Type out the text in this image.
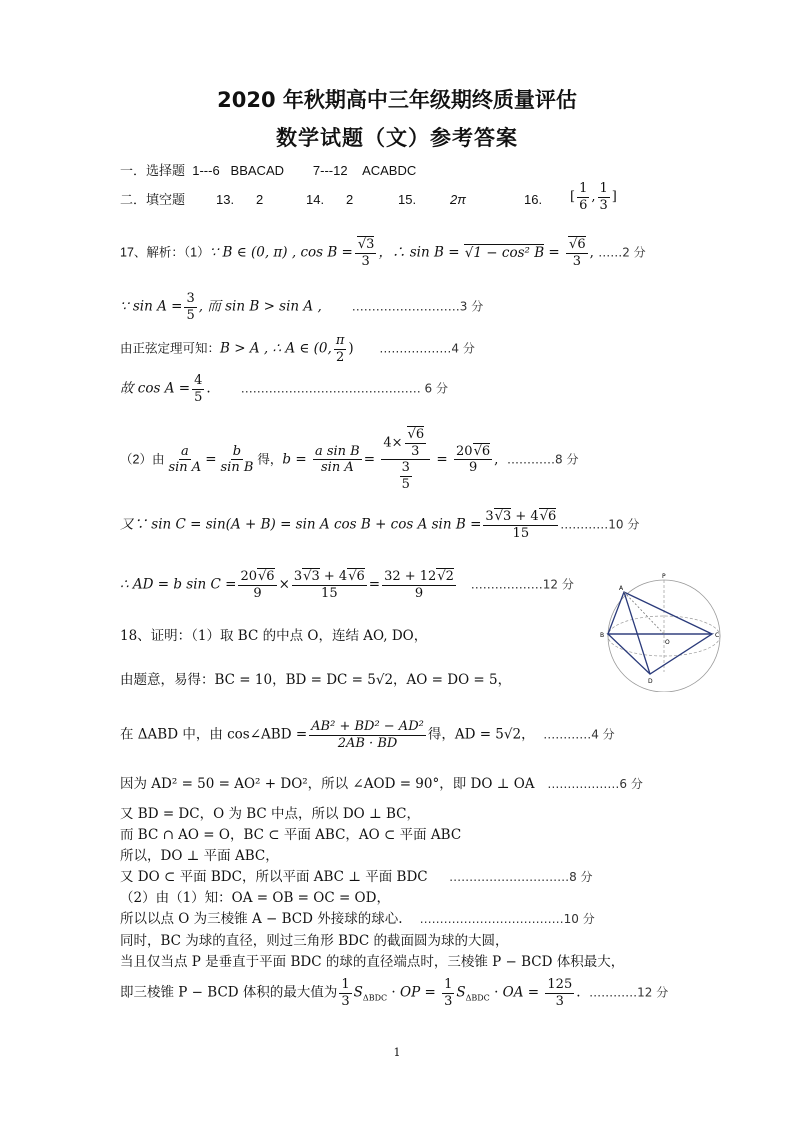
2020 年秋期高中三年级期终质量评估
数学试题（文）参考答案
一．选择题 1---6 BBACAD 7---12 ACABDC
二．填空题 13. 2	14. 2	15.	2π	16. [ $\frac{1}{6}$ , $\frac{1}{3}$ ]
17、解析：（1）∵ B ∈ (0, π) , cos B =
√ $\frac{3}{3}$ ，∴ sin B = √ 1 − cos² B =
√ $\frac{6}{3}$ , ……2 分
∵ $\sin A = \frac{3}{5}$ , 而 sin B > sin A ,	………………………3 分
由正弦定理可知：B > A , ∴ A ∈ (0, $\frac{\pi}{2}$ )      ………………4 分
故 $\cos A = \frac{4}{5}$ .       ……………………………………… 6 分
（2）由 $\frac{a}{\text{sin A}} = \frac{b}{\text{sin B}}$ 得，$b = \frac{\text{a sin B}}{\text{sin A}} = 4\times$
√ $\frac{6}{3}$
$\frac{3}{5} = \frac{20√ 6}{9}$ ,  …………8 分
又∵ sin C = sin(A + B) = sin A cos B + cos A $\sin B = \frac{3√ 3 + 4√ 6}{15}$ …………10 分
∴ AD = b $\sin C = \frac{20√ 6}{9} \times \frac{3√ 3 + 4√ 6}{15} = \frac{32 + 12√ 2}{9}$ ………………12 分
18、证明：（1）取 BC 的中点 O，连结 AO, DO，
由题意，易得：BC = 10，BD = DC = 5√2，AO = DO = 5，
在 ΔABD 中，由 cos∠ABD = $\frac{\text{AB² + BD² − AD²}}{2AB \cdot BD}$ 得，AD = 5√2， …………4 分
因为 AD² = 50 = AO² + DO²，所以 ∠AOD = 90°，即 DO ⊥ OA ………………6 分
又 BD = DC，O 为 BC 中点，所以 DO ⊥ BC，
而 BC ∩ AO = O，BC ⊂ 平面 ABC，AO ⊂ 平面 ABC
所以，DO ⊥ 平面 ABC，
又 DO ⊂ 平面 BDC，所以平面 ABC ⊥ 平面 BDC …………………………8 分
（2）由（1）知：OA = OB = OC = OD，
所以以点 O 为三棱锥 A − BCD 外接球的球心. ………………………………10 分
同时，BC 为球的直径，则过三角形 BDC 的截面圆为球的大圆，
当且仅当点 P 是垂直于平面 BDC 的球的直径端点时，三棱锥 P − BCD 体积最大，
即三棱锥 P − BCD 体积的最大值为 $\frac{1}{3} S_{\Delta BDC}$ · OP = $\frac{1}{3} S_{\Delta BDC}$ · OA = $\frac{125}{3}$ .  …………12 分
P
A
B	C
O
D
1
